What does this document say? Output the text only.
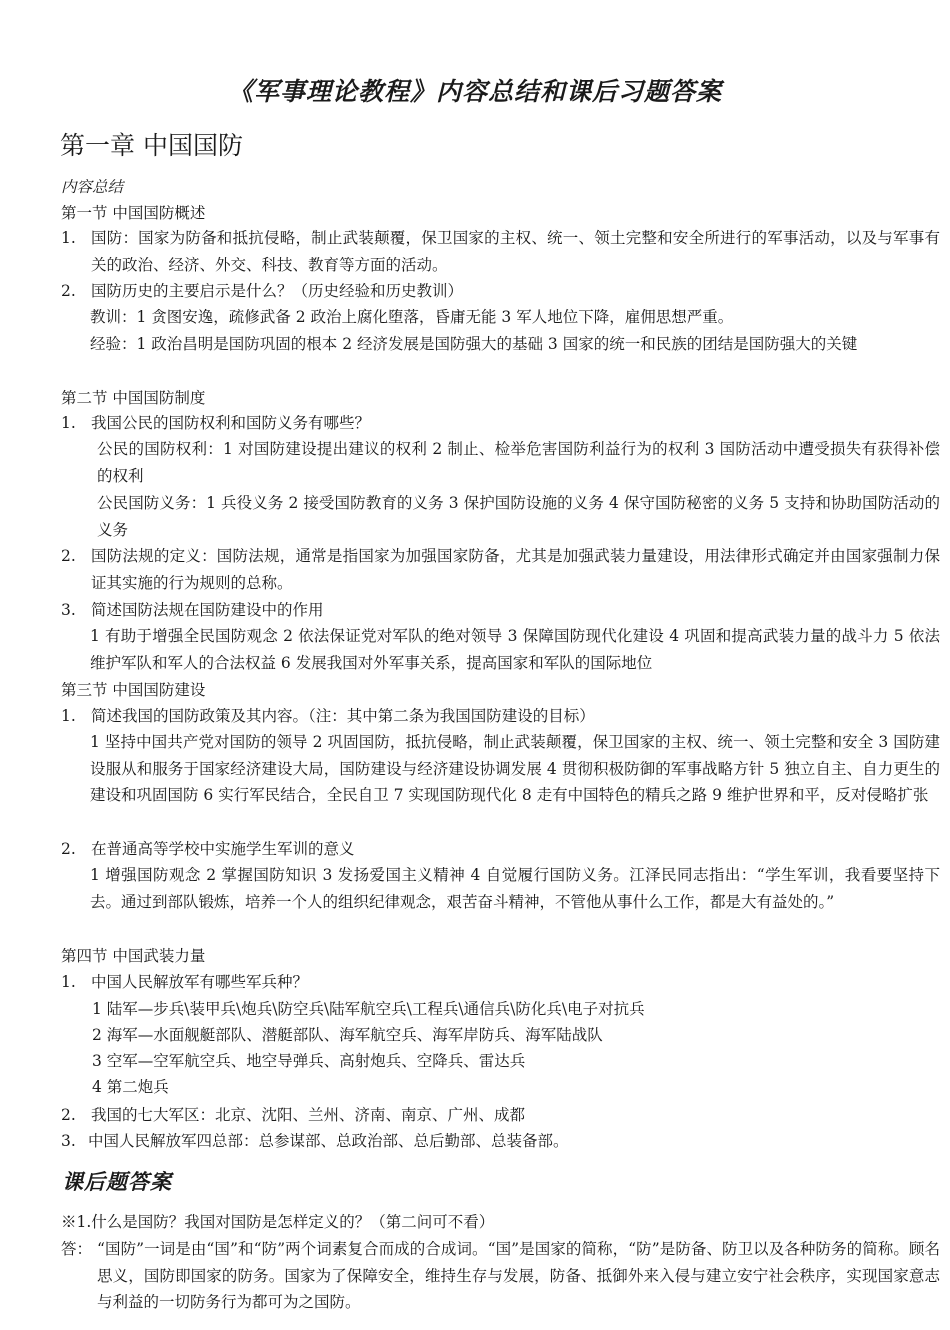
《军事理论教程》内容总结和课后习题答案
第一章 中国国防
内容总结
第一节 中国国防概述
1. 国防：国家为防备和抵抗侵略，制止武装颠覆，保卫国家的主权、统一、领土完整和安全所进行的军事活动，以及与军事有关的政治、经济、外交、科技、教育等方面的活动。
2. 国防历史的主要启示是什么？（历史经验和历史教训）
教训：1 贪图安逸，疏修武备 2 政治上腐化堕落，昏庸无能 3 军人地位下降，雇佣思想严重。
经验：1 政治昌明是国防巩固的根本 2 经济发展是国防强大的基础 3 国家的统一和民族的团结是国防强大的关键
第二节 中国国防制度
1. 我国公民的国防权利和国防义务有哪些？
公民的国防权利：1 对国防建设提出建议的权利 2 制止、检举危害国防利益行为的权利 3 国防活动中遭受损失有获得补偿的权利
公民国防义务：1 兵役义务 2 接受国防教育的义务 3 保护国防设施的义务 4 保守国防秘密的义务 5 支持和协助国防活动的义务
2. 国防法规的定义：国防法规，通常是指国家为加强国家防备，尤其是加强武装力量建设，用法律形式确定并由国家强制力保证其实施的行为规则的总称。
3. 简述国防法规在国防建设中的作用
1 有助于增强全民国防观念 2 依法保证党对军队的绝对领导 3 保障国防现代化建设 4 巩固和提高武装力量的战斗力 5 依法维护军队和军人的合法权益 6 发展我国对外军事关系，提高国家和军队的国际地位
第三节 中国国防建设
1. 简述我国的国防政策及其内容。（注：其中第二条为我国国防建设的目标）
1 坚持中国共产党对国防的领导 2 巩固国防，抵抗侵略，制止武装颠覆，保卫国家的主权、统一、领土完整和安全 3 国防建设服从和服务于国家经济建设大局，国防建设与经济建设协调发展 4 贯彻积极防御的军事战略方针 5 独立自主、自力更生的建设和巩固国防 6 实行军民结合，全民自卫 7 实现国防现代化 8 走有中国特色的精兵之路 9 维护世界和平，反对侵略扩张
2. 在普通高等学校中实施学生军训的意义
1 增强国防观念 2 掌握国防知识 3 发扬爱国主义精神 4 自觉履行国防义务。江泽民同志指出：“学生军训，我看要坚持下去。通过到部队锻炼，培养一个人的组织纪律观念，艰苦奋斗精神，不管他从事什么工作，都是大有益处的。”
第四节 中国武装力量
1. 中国人民解放军有哪些军兵种？
1 陆军—步兵\装甲兵\炮兵\防空兵\陆军航空兵\工程兵\通信兵\防化兵\电子对抗兵
2 海军—水面舰艇部队、潜艇部队、海军航空兵、海军岸防兵、海军陆战队
3 空军—空军航空兵、地空导弹兵、高射炮兵、空降兵、雷达兵
4 第二炮兵
2. 我国的七大军区：北京、沈阳、兰州、济南、南京、广州、成都
3. 中国人民解放军四总部：总参谋部、总政治部、总后勤部、总装备部。
课后题答案
※1.什么是国防？我国对国防是怎样定义的？（第二问可不看）
答： “国防”一词是由“国”和“防”两个词素复合而成的合成词。“国”是国家的简称，“防”是防备、防卫以及各种防务的简称。顾名思义，国防即国家的防务。国家为了保障安全，维持生存与发展，防备、抵御外来入侵与建立安宁社会秩序，实现国家意志与利益的一切防务行为都可为之国防。
